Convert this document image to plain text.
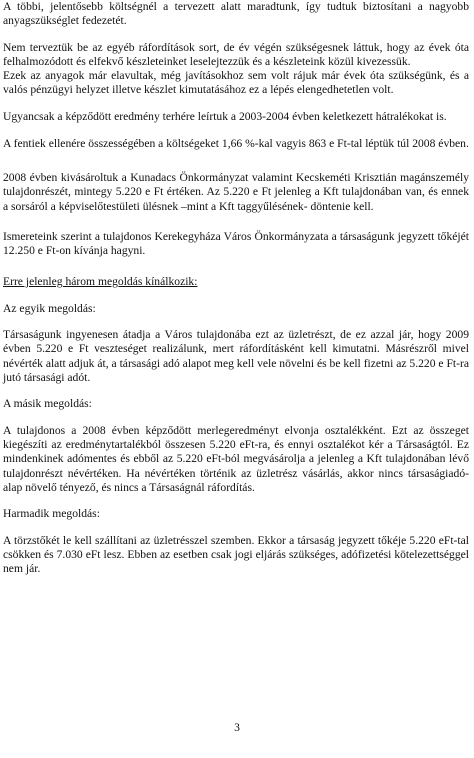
A többi, jelentősebb költségnél a tervezett alatt maradtunk, így tudtuk biztosítani a nagyobb anyagszükséglet fedezetét.

Nem terveztük be az egyéb ráfordítások sort, de év végén szükségesnek láttuk, hogy az évek óta felhalmozódott és elfekvő készleteinket leselejtezzük és a készleteink közül kivezessük.

Ezek az anyagok már elavultak, még javításokhoz sem volt rájuk már évek óta szükségünk, és a valós pénzügyi helyzet illetve készlet kimutatásához ez a lépés elengedhetetlen volt.

Ugyancsak a képződött eredmény terhére leírtuk a 2003-2004 évben keletkezett hátralékokat is.

A fentiek ellenére összességében a költségeket 1,66 %-kal vagyis 863 e Ft-tal léptük túl 2008 évben.

2008 évben kivásároltuk a Kunadacs Önkormányzat valamint Kecskeméti Krisztián magánszemély tulajdonrészét, mintegy 5.220 e Ft értéken. Az 5.220 e Ft jelenleg a Kft tulajdonában van, és ennek a sorsáról a képviselőtestületi ülésnek –mint a Kft taggyűlésének- döntenie kell.

Ismereteink szerint a tulajdonos Kerekegyháza Város Önkormányzata a társaságunk jegyzett tőkéjét 12.250 e Ft-on kívánja hagyni.

Erre jelenleg három megoldás kínálkozik:

Az egyik megoldás:

Társaságunk ingyenesen átadja a Város tulajdonába ezt az üzletrészt, de ez azzal jár, hogy 2009 évben 5.220 e Ft veszteséget realizálunk, mert ráfordításként kell kimutatni. Másrészről mivel névérték alatt adjuk át, a társasági adó alapot meg kell vele növelni és be kell fizetni az 5.220 e Ft-ra jutó társasági adót.

A másik megoldás:

A tulajdonos a 2008 évben képződött merlegeredményt elvonja osztalékként. Ezt az összeget kiegészíti az eredménytartalékból összesen 5.220 eFt-ra, és ennyi osztalékot kér a Társaságtól. Ez mindenkinek adómentes és ebből az 5.220 eFt-ból megvásárolja a jelenleg a Kft tulajdonában lévő tulajdonrészt névértéken. Ha névértéken történik az üzletrész vásárlás, akkor nincs társaságiadó-alap növelő tényező, és nincs a Társaságnál ráfordítás.

Harmadik megoldás:

A törzstőkét le kell szállítani az üzletrésszel szemben. Ekkor a társaság jegyzett tőkéje 5.220 eFt-tal csökken és 7.030 eFt lesz. Ebben az esetben csak jogi eljárás szükséges, adófizetési kötelezettséggel nem jár.

3
